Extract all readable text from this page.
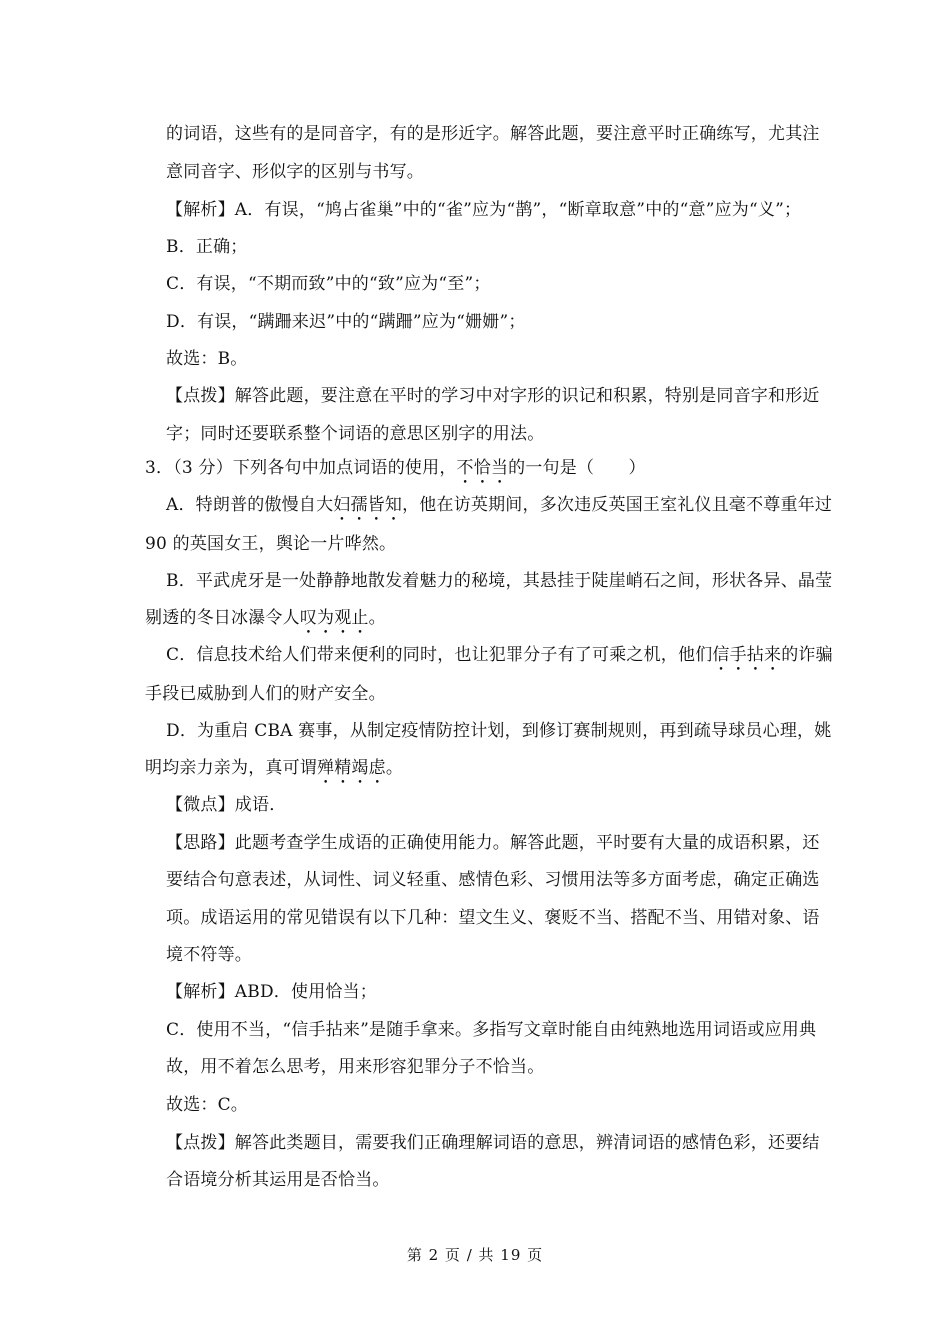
的词语，这些有的是同音字，有的是形近字。解答此题，要注意平时正确练写，尤其注
意同音字、形似字的区别与书写。
【解析】A．有误，“鸠占雀巢”中的“雀”应为“鹊”，“断章取意”中的“意”应为“义”；
B．正确；
C．有误，“不期而致”中的“致”应为“至”；
D．有误，“蹒跚来迟”中的“蹒跚”应为“姗姗”；
故选：B。
【点拨】解答此题，要注意在平时的学习中对字形的识记和积累，特别是同音字和形近
字；同时还要联系整个词语的意思区别字的用法。
3．（3 分）下列各句中加点词语的使用，不恰当的一句是（　　）
A．特朗普的傲慢自大妇孺皆知，他在访英期间，多次违反英国王室礼仪且毫不尊重年过
90 的英国女王，舆论一片哗然。
B．平武虎牙是一处静静地散发着魅力的秘境，其悬挂于陡崖峭石之间，形状各异、晶莹
剔透的冬日冰瀑令人叹为观止。
C．信息技术给人们带来便利的同时，也让犯罪分子有了可乘之机，他们信手拈来的诈骗
手段已威胁到人们的财产安全。
D．为重启 CBA 赛事，从制定疫情防控计划，到修订赛制规则，再到疏导球员心理，姚
明均亲力亲为，真可谓殚精竭虑。
【微点】成语．
【思路】此题考查学生成语的正确使用能力。解答此题，平时要有大量的成语积累，还
要结合句意表述，从词性、词义轻重、感情色彩、习惯用法等多方面考虑，确定正确选
项。成语运用的常见错误有以下几种：望文生义、褒贬不当、搭配不当、用错对象、语
境不符等。
【解析】ABD．使用恰当；
C．使用不当，“信手拈来”是随手拿来。多指写文章时能自由纯熟地选用词语或应用典
故，用不着怎么思考，用来形容犯罪分子不恰当。
故选：C。
【点拨】解答此类题目，需要我们正确理解词语的意思，辨清词语的感情色彩，还要结
合语境分析其运用是否恰当。
第 2 页 / 共 19 页
